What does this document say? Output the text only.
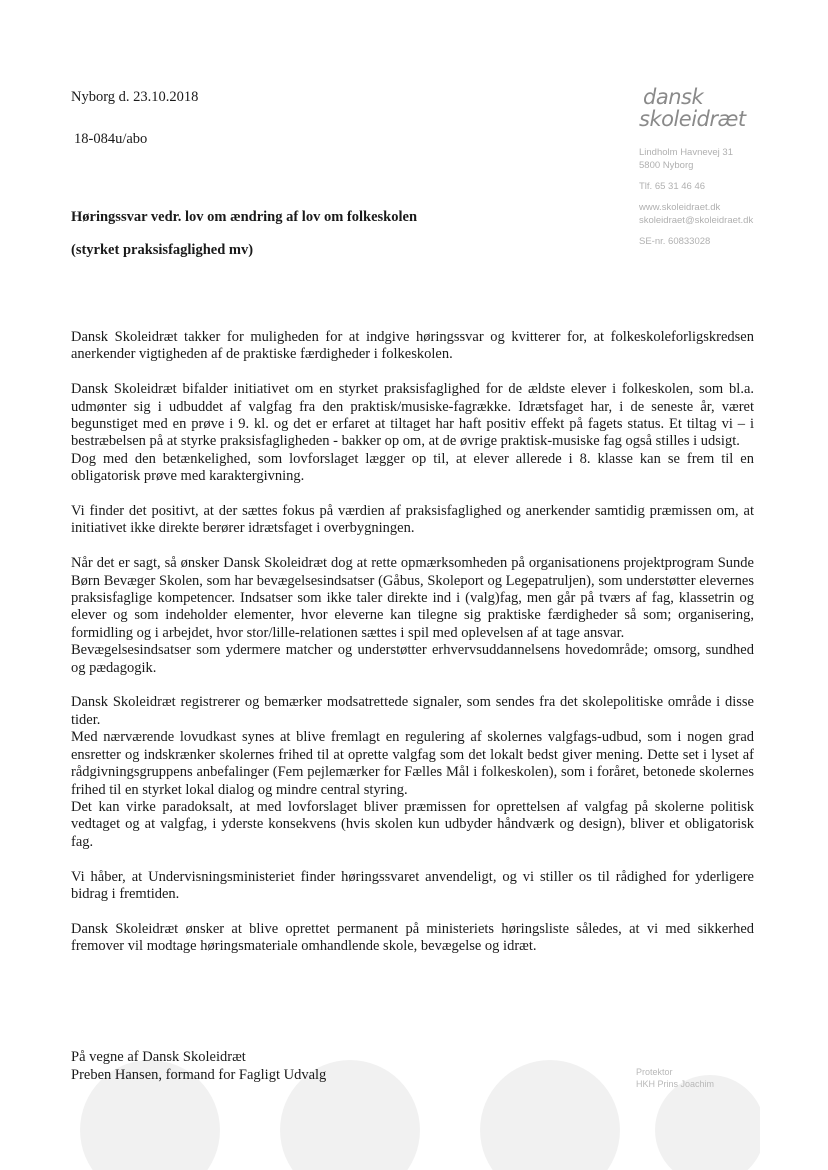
Nyborg d. 23.10.2018
18-084u/abo
dansk
skoleidræt
Lindholm Havnevej 31
5800 Nyborg
Tlf. 65 31 46 46
www.skoleidraet.dk
skoleidraet@skoleidraet.dk
SE-nr. 60833028
Høringssvar vedr. lov om ændring af lov om folkeskolen
(styrket praksisfaglighed mv)

Dansk Skoleidræt takker for muligheden for at indgive høringssvar og kvitterer for, at folkeskoleforligskredsen anerkender vigtigheden af de praktiske færdigheder i folkeskolen.

Dansk Skoleidræt bifalder initiativet om en styrket praksisfaglighed for de ældste elever i folkeskolen, som bl.a. udmønter sig i udbuddet af valgfag fra den praktisk/musiske-fagrække. Idrætsfaget har, i de seneste år, været begunstiget med en prøve i 9. kl. og det er erfaret at tiltaget har haft positiv effekt på fagets status. Et tiltag vi – i bestræbelsen på at styrke praksisfagligheden - bakker op om, at de øvrige praktisk-musiske fag også stilles i udsigt.

Dog med den betænkelighed, som lovforslaget lægger op til, at elever allerede i 8. klasse kan se frem til en obligatorisk prøve med karaktergivning.

Vi finder det positivt, at der sættes fokus på værdien af praksisfaglighed og anerkender samtidig præmissen om, at initiativet ikke direkte berører idrætsfaget i overbygningen.

Når det er sagt, så ønsker Dansk Skoleidræt dog at rette opmærksomheden på organisationens projektprogram Sunde Børn Bevæger Skolen, som har bevægelsesindsatser (Gåbus, Skoleport og Legepatruljen), som understøtter elevernes praksisfaglige kompetencer. Indsatser som ikke taler direkte ind i (valg)fag, men går på tværs af fag, klassetrin og elever og som indeholder elementer, hvor eleverne kan tilegne sig praktiske færdigheder så som; organisering, formidling og i arbejdet, hvor stor/lille-relationen sættes i spil med oplevelsen af at tage ansvar.

Bevægelsesindsatser som ydermere matcher og understøtter erhvervsuddannelsens hovedområde; omsorg, sundhed og pædagogik.

Dansk Skoleidræt registrerer og bemærker modsatrettede signaler, som sendes fra det skolepolitiske område i disse tider.

Med nærværende lovudkast synes at blive fremlagt en regulering af skolernes valgfags-udbud, som i nogen grad ensretter og indskrænker skolernes frihed til at oprette valgfag som det lokalt bedst giver mening. Dette set i lyset af rådgivningsgruppens anbefalinger (Fem pejlemærker for Fælles Mål i folkeskolen), som i foråret, betonede skolernes frihed til en styrket lokal dialog og mindre central styring.

Det kan virke paradoksalt, at med lovforslaget bliver præmissen for oprettelsen af valgfag på skolerne politisk vedtaget og at valgfag, i yderste konsekvens (hvis skolen kun udbyder håndværk og design), bliver et obligatorisk fag.

Vi håber, at Undervisningsministeriet finder høringssvaret anvendeligt, og vi stiller os til rådighed for yderligere bidrag i fremtiden.

Dansk Skoleidræt ønsker at blive oprettet permanent på ministeriets høringsliste således, at vi med sikkerhed fremover vil modtage høringsmateriale omhandlende skole, bevægelse og idræt.

På vegne af Dansk Skoleidræt
Preben Hansen, formand for Fagligt Udvalg	Protektor
HKH Prins Joachim
